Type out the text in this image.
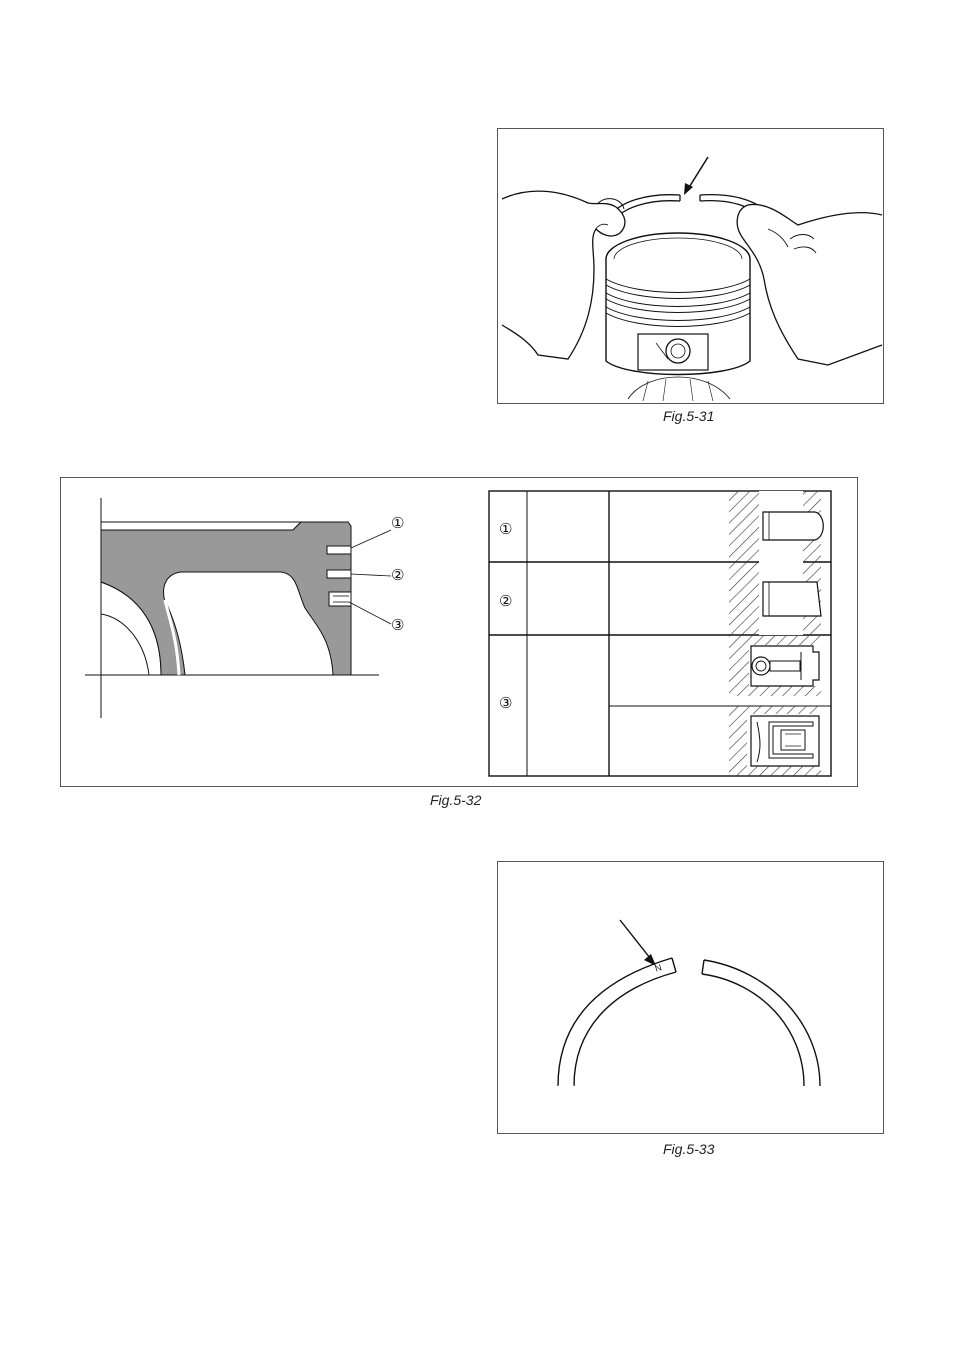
Fig.5-31
①
②
③
①
②
③
Fig.5-32
N
Fig.5-33
